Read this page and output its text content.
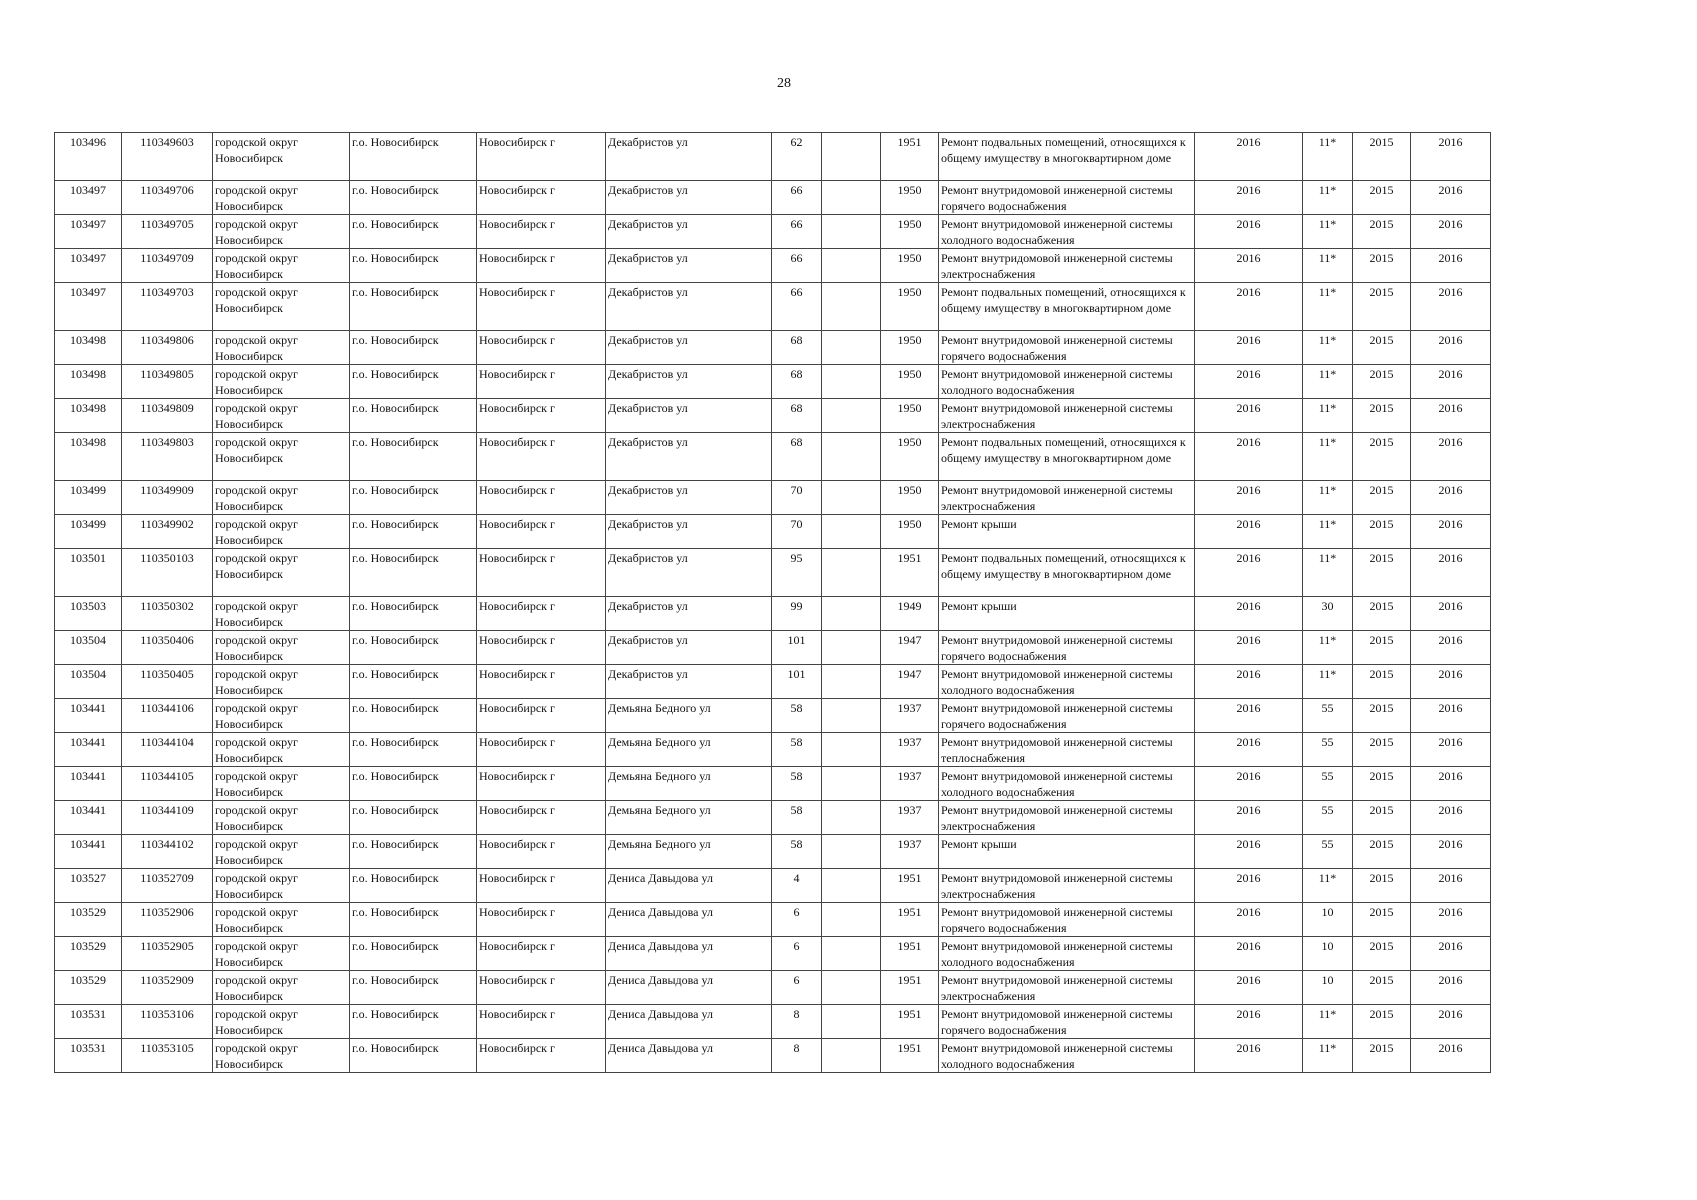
28
103496	110349603	городской округ Новосибирск	г.о. Новосибирск	Новосибирск г	Декабристов ул	62		1951	Ремонт подвальных помещений, относящихся к общему имуществу в многоквартирном доме	2016	11*	2015	2016
103497	110349706	городской округ Новосибирск	г.о. Новосибирск	Новосибирск г	Декабристов ул	66		1950	Ремонт внутридомовой инженерной системы горячего водоснабжения	2016	11*	2015	2016
103497	110349705	городской округ Новосибирск	г.о. Новосибирск	Новосибирск г	Декабристов ул	66		1950	Ремонт внутридомовой инженерной системы холодного водоснабжения	2016	11*	2015	2016
103497	110349709	городской округ Новосибирск	г.о. Новосибирск	Новосибирск г	Декабристов ул	66		1950	Ремонт внутридомовой инженерной системы электроснабжения	2016	11*	2015	2016
103497	110349703	городской округ Новосибирск	г.о. Новосибирск	Новосибирск г	Декабристов ул	66		1950	Ремонт подвальных помещений, относящихся к общему имуществу в многоквартирном доме	2016	11*	2015	2016
103498	110349806	городской округ Новосибирск	г.о. Новосибирск	Новосибирск г	Декабристов ул	68		1950	Ремонт внутридомовой инженерной системы горячего водоснабжения	2016	11*	2015	2016
103498	110349805	городской округ Новосибирск	г.о. Новосибирск	Новосибирск г	Декабристов ул	68		1950	Ремонт внутридомовой инженерной системы холодного водоснабжения	2016	11*	2015	2016
103498	110349809	городской округ Новосибирск	г.о. Новосибирск	Новосибирск г	Декабристов ул	68		1950	Ремонт внутридомовой инженерной системы электроснабжения	2016	11*	2015	2016
103498	110349803	городской округ Новосибирск	г.о. Новосибирск	Новосибирск г	Декабристов ул	68		1950	Ремонт подвальных помещений, относящихся к общему имуществу в многоквартирном доме	2016	11*	2015	2016
103499	110349909	городской округ Новосибирск	г.о. Новосибирск	Новосибирск г	Декабристов ул	70		1950	Ремонт внутридомовой инженерной системы электроснабжения	2016	11*	2015	2016
103499	110349902	городской округ Новосибирск	г.о. Новосибирск	Новосибирск г	Декабристов ул	70		1950	Ремонт крыши	2016	11*	2015	2016
103501	110350103	городской округ Новосибирск	г.о. Новосибирск	Новосибирск г	Декабристов ул	95		1951	Ремонт подвальных помещений, относящихся к общему имуществу в многоквартирном доме	2016	11*	2015	2016
103503	110350302	городской округ Новосибирск	г.о. Новосибирск	Новосибирск г	Декабристов ул	99		1949	Ремонт крыши	2016	30	2015	2016
103504	110350406	городской округ Новосибирск	г.о. Новосибирск	Новосибирск г	Декабристов ул	101		1947	Ремонт внутридомовой инженерной системы горячего водоснабжения	2016	11*	2015	2016
103504	110350405	городской округ Новосибирск	г.о. Новосибирск	Новосибирск г	Декабристов ул	101		1947	Ремонт внутридомовой инженерной системы холодного водоснабжения	2016	11*	2015	2016
103441	110344106	городской округ Новосибирск	г.о. Новосибирск	Новосибирск г	Демьяна Бедного ул	58		1937	Ремонт внутридомовой инженерной системы горячего водоснабжения	2016	55	2015	2016
103441	110344104	городской округ Новосибирск	г.о. Новосибирск	Новосибирск г	Демьяна Бедного ул	58		1937	Ремонт внутридомовой инженерной системы теплоснабжения	2016	55	2015	2016
103441	110344105	городской округ Новосибирск	г.о. Новосибирск	Новосибирск г	Демьяна Бедного ул	58		1937	Ремонт внутридомовой инженерной системы холодного водоснабжения	2016	55	2015	2016
103441	110344109	городской округ Новосибирск	г.о. Новосибирск	Новосибирск г	Демьяна Бедного ул	58		1937	Ремонт внутридомовой инженерной системы электроснабжения	2016	55	2015	2016
103441	110344102	городской округ Новосибирск	г.о. Новосибирск	Новосибирск г	Демьяна Бедного ул	58		1937	Ремонт крыши	2016	55	2015	2016
103527	110352709	городской округ Новосибирск	г.о. Новосибирск	Новосибирск г	Дениса Давыдова ул	4		1951	Ремонт внутридомовой инженерной системы электроснабжения	2016	11*	2015	2016
103529	110352906	городской округ Новосибирск	г.о. Новосибирск	Новосибирск г	Дениса Давыдова ул	6		1951	Ремонт внутридомовой инженерной системы горячего водоснабжения	2016	10	2015	2016
103529	110352905	городской округ Новосибирск	г.о. Новосибирск	Новосибирск г	Дениса Давыдова ул	6		1951	Ремонт внутридомовой инженерной системы холодного водоснабжения	2016	10	2015	2016
103529	110352909	городской округ Новосибирск	г.о. Новосибирск	Новосибирск г	Дениса Давыдова ул	6		1951	Ремонт внутридомовой инженерной системы электроснабжения	2016	10	2015	2016
103531	110353106	городской округ Новосибирск	г.о. Новосибирск	Новосибирск г	Дениса Давыдова ул	8		1951	Ремонт внутридомовой инженерной системы горячего водоснабжения	2016	11*	2015	2016
103531	110353105	городской округ Новосибирск	г.о. Новосибирск	Новосибирск г	Дениса Давыдова ул	8		1951	Ремонт внутридомовой инженерной системы холодного водоснабжения	2016	11*	2015	2016
